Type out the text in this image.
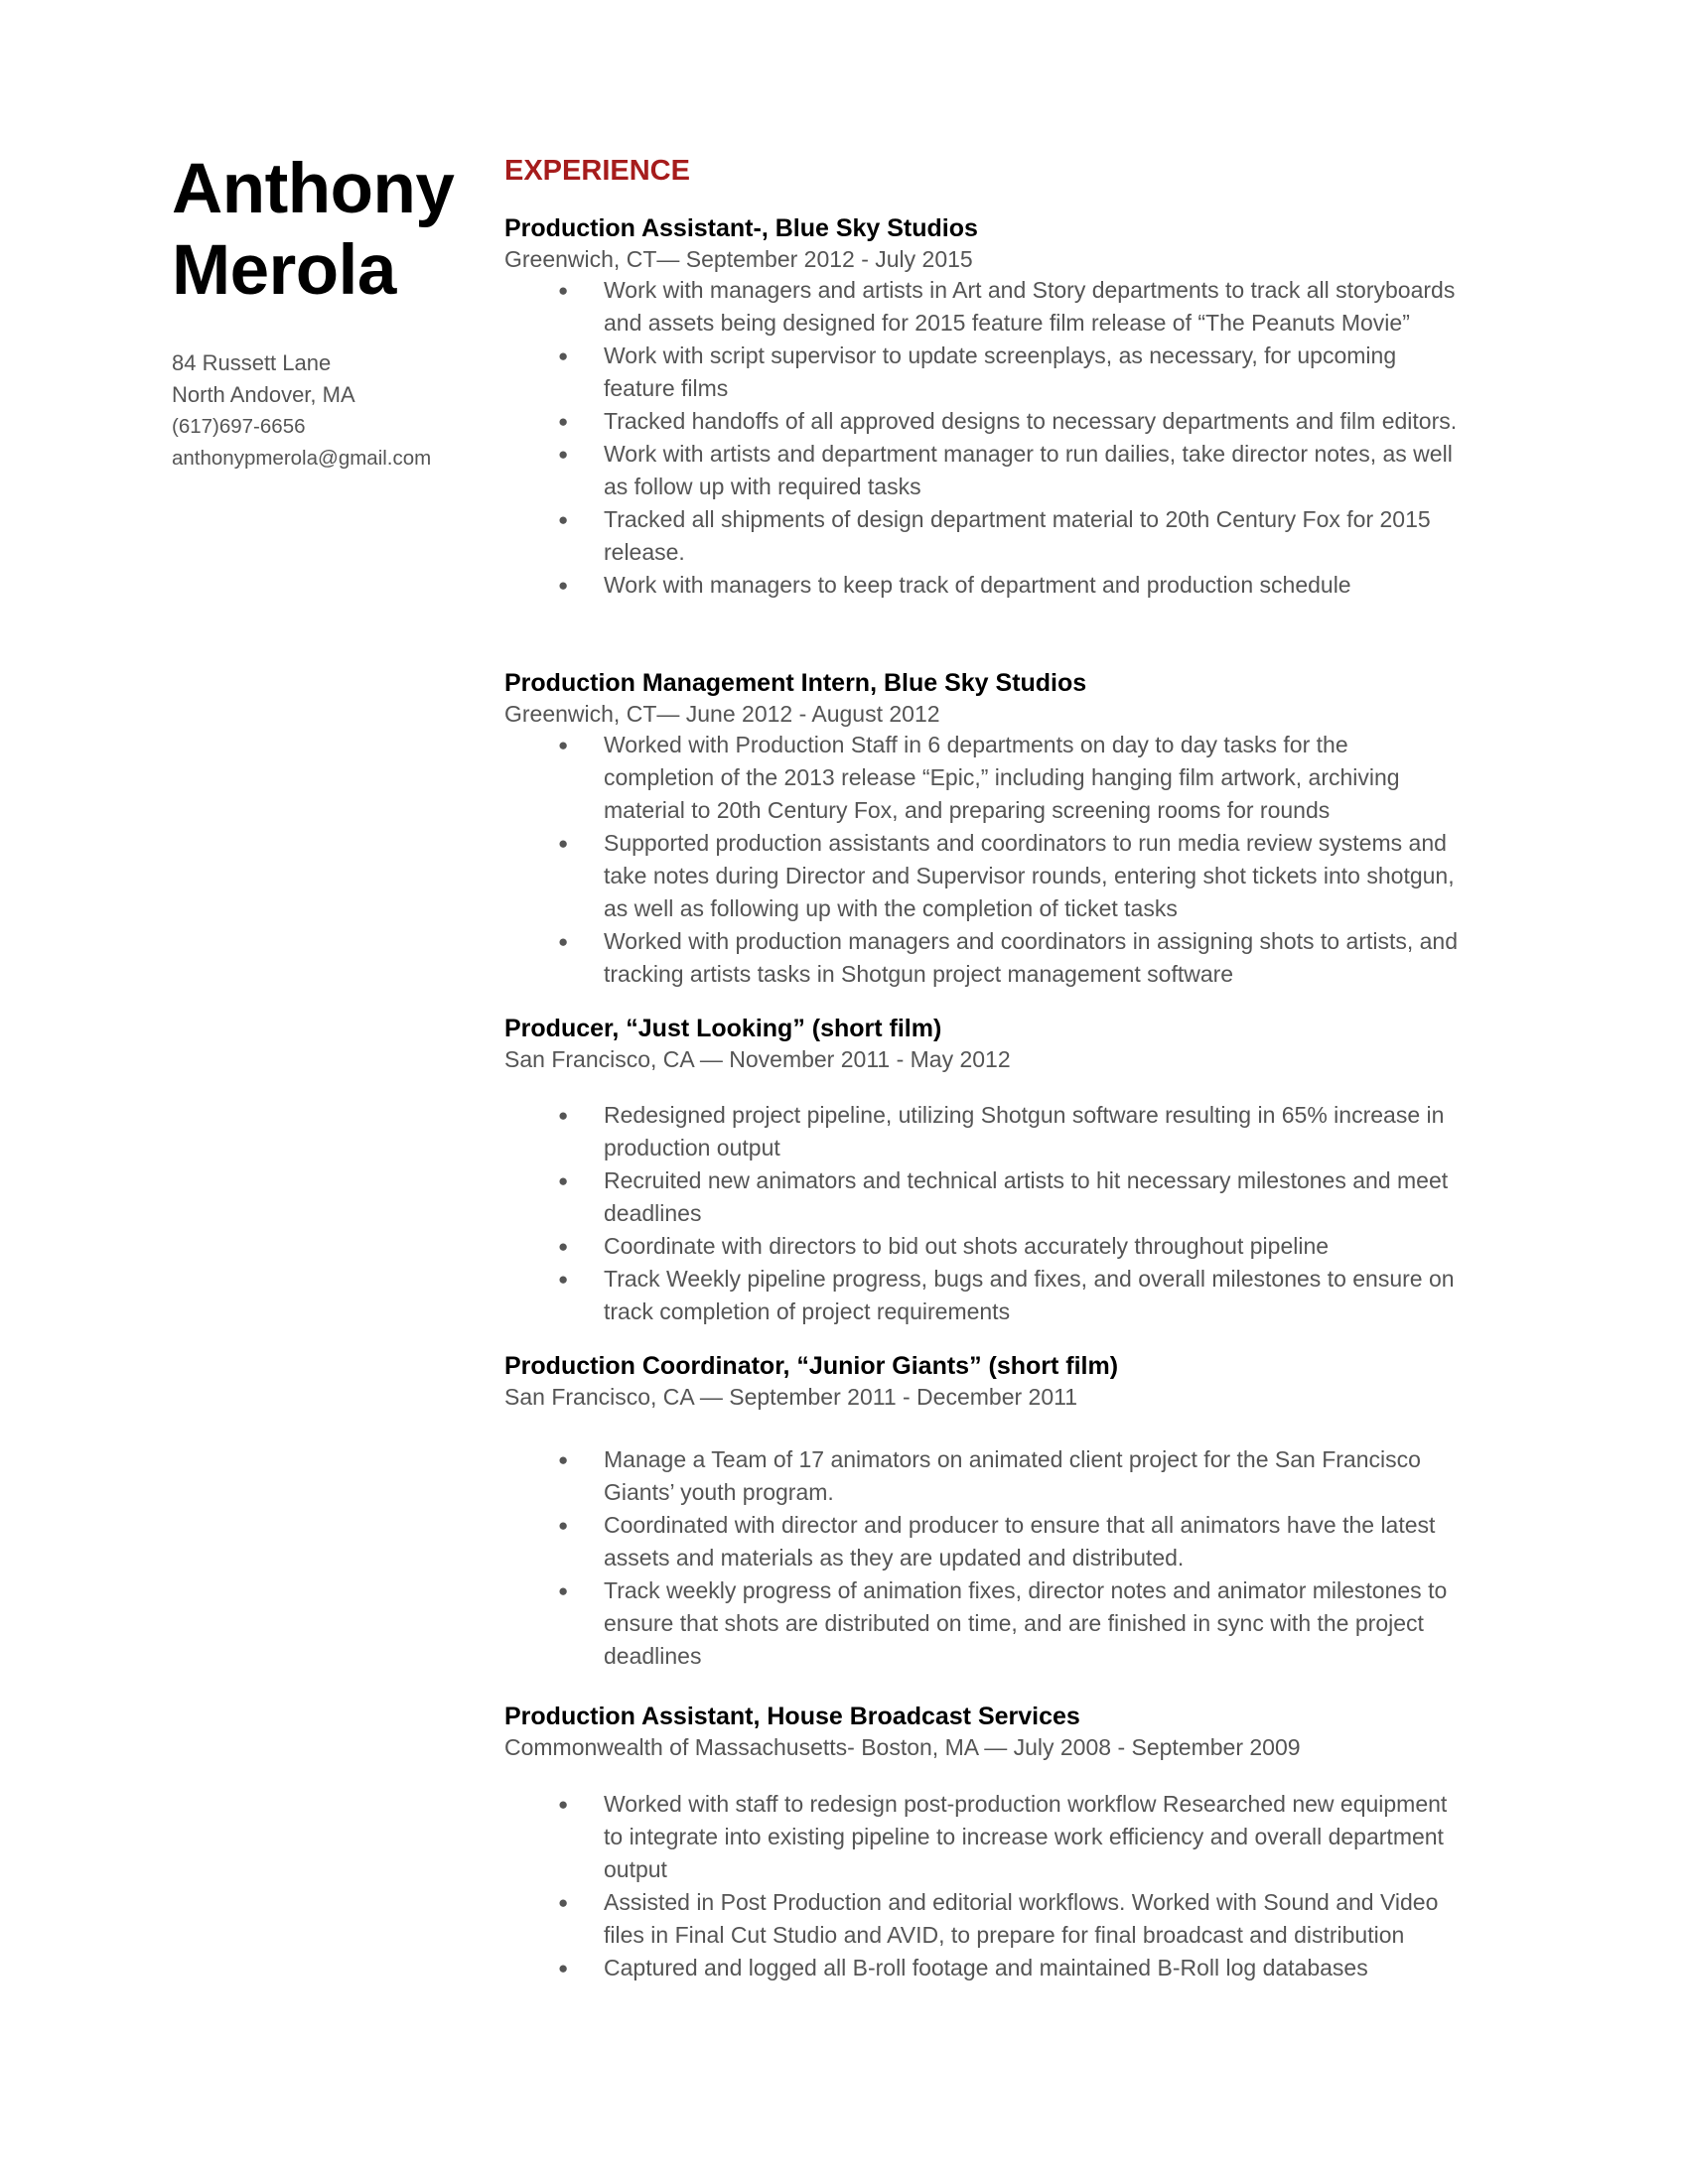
Anthony
Merola
84 Russett Lane
North Andover, MA
(617)697-6656
anthonypmerola@gmail.com
EXPERIENCE
Production Assistant-, Blue Sky Studios
Greenwich, CT— September 2012 - July 2015
● Work with managers and artists in Art and Story departments to track all storyboards
and assets being designed for 2015 feature film release of “The Peanuts Movie”
● Work with script supervisor to update screenplays, as necessary, for upcoming
feature films
● Tracked handoffs of all approved designs to necessary departments and film editors.
● Work with artists and department manager to run dailies, take director notes, as well
as follow up with required tasks
● Tracked all shipments of design department material to 20th Century Fox for 2015
release.
● Work with managers to keep track of department and production schedule
Production Management Intern, Blue Sky Studios
Greenwich, CT— June 2012 - August 2012
● Worked with Production Staff in 6 departments on day to day tasks for the
completion of the 2013 release “Epic,” including hanging film artwork, archiving
material to 20th Century Fox, and preparing screening rooms for rounds
● Supported production assistants and coordinators to run media review systems and
take notes during Director and Supervisor rounds, entering shot tickets into shotgun,
as well as following up with the completion of ticket tasks
● Worked with production managers and coordinators in assigning shots to artists, and
tracking artists tasks in Shotgun project management software
Producer, “Just Looking” (short film)
San Francisco, CA — November 2011 - May 2012
● Redesigned project pipeline, utilizing Shotgun software resulting in 65% increase in
production output
● Recruited new animators and technical artists to hit necessary milestones and meet
deadlines
● Coordinate with directors to bid out shots accurately throughout pipeline
● Track Weekly pipeline progress, bugs and fixes, and overall milestones to ensure on
track completion of project requirements
Production Coordinator, “Junior Giants” (short film)
San Francisco, CA — September 2011 - December 2011
● Manage a Team of 17 animators on animated client project for the San Francisco
Giants’ youth program.
● Coordinated with director and producer to ensure that all animators have the latest
assets and materials as they are updated and distributed.
● Track weekly progress of animation fixes, director notes and animator milestones to
ensure that shots are distributed on time, and are finished in sync with the project
deadlines
Production Assistant, House Broadcast Services
Commonwealth of Massachusetts- Boston, MA — July 2008 - September 2009
● Worked with staff to redesign post-production workflow Researched new equipment
to integrate into existing pipeline to increase work efficiency and overall department
output
● Assisted in Post Production and editorial workflows. Worked with Sound and Video
files in Final Cut Studio and AVID, to prepare for final broadcast and distribution
● Captured and logged all B-roll footage and maintained B-Roll log databases
